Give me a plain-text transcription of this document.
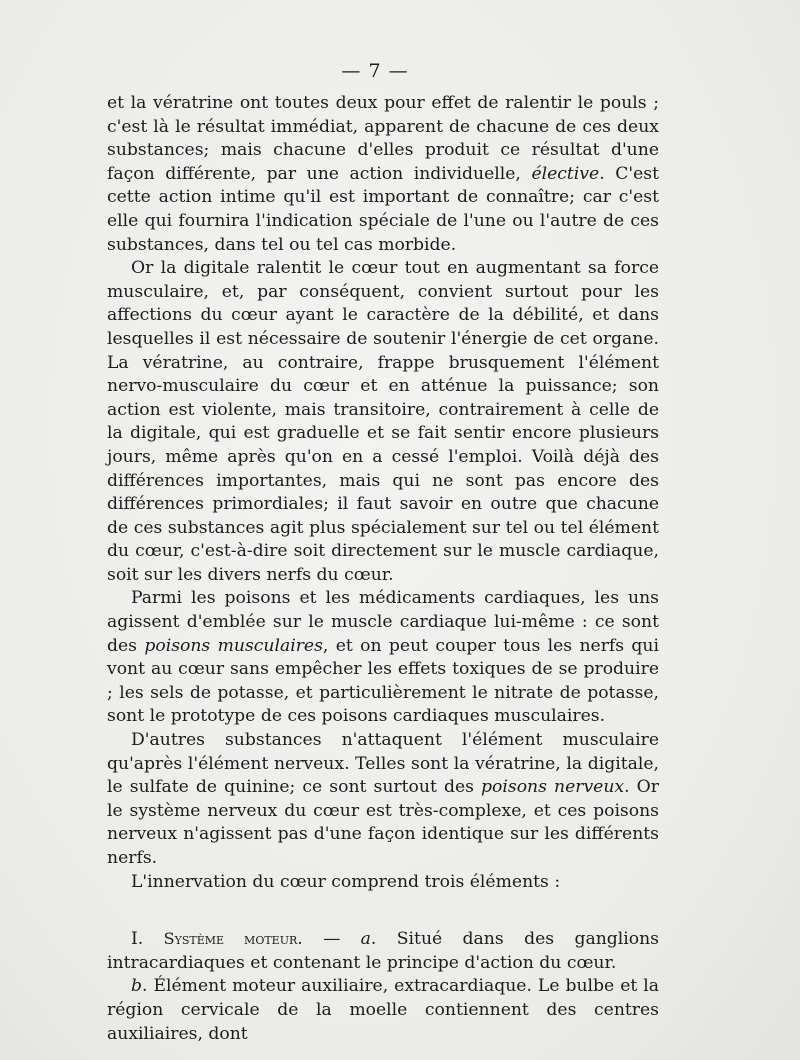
— 7 —

et la vératrine ont toutes deux pour effet de ralentir le pouls ; c'est là le résultat immédiat, apparent de chacune de ces deux substances; mais chacune d'elles produit ce résultat d'une façon différente, par une action individuelle, élective. C'est cette action intime qu'il est important de connaître; car c'est elle qui fournira l'indication spéciale de l'une ou l'autre de ces substances, dans tel ou tel cas morbide.

Or la digitale ralentit le cœur tout en augmentant sa force musculaire, et, par conséquent, convient surtout pour les affections du cœur ayant le caractère de la débilité, et dans lesquelles il est nécessaire de soutenir l'énergie de cet organe. La vératrine, au contraire, frappe brusquement l'élément nervo-musculaire du cœur et en atténue la puissance; son action est violente, mais transitoire, contrairement à celle de la digitale, qui est graduelle et se fait sentir encore plusieurs jours, même après qu'on en a cessé l'emploi. Voilà déjà des différences importantes, mais qui ne sont pas encore des différences primordiales; il faut savoir en outre que chacune de ces substances agit plus spécialement sur tel ou tel élément du cœur, c'est-à-dire soit directement sur le muscle cardiaque, soit sur les divers nerfs du cœur.

Parmi les poisons et les médicaments cardiaques, les uns agissent d'emblée sur le muscle cardiaque lui-même : ce sont des poisons musculaires, et on peut couper tous les nerfs qui vont au cœur sans empêcher les effets toxiques de se produire ; les sels de potasse, et particulièrement le nitrate de potasse, sont le prototype de ces poisons cardiaques musculaires.

D'autres substances n'attaquent l'élément musculaire qu'après l'élément nerveux. Telles sont la vératrine, la digitale, le sulfate de quinine; ce sont surtout des poisons nerveux. Or le système nerveux du cœur est très-complexe, et ces poisons nerveux n'agissent pas d'une façon identique sur les différents nerfs.

L'innervation du cœur comprend trois éléments :

I. Système moteur. — a. Situé dans des ganglions intracardiaques et contenant le principe d'action du cœur.

b. Élément moteur auxiliaire, extracardiaque. Le bulbe et la région cervicale de la moelle contiennent des centres auxiliaires, dont
